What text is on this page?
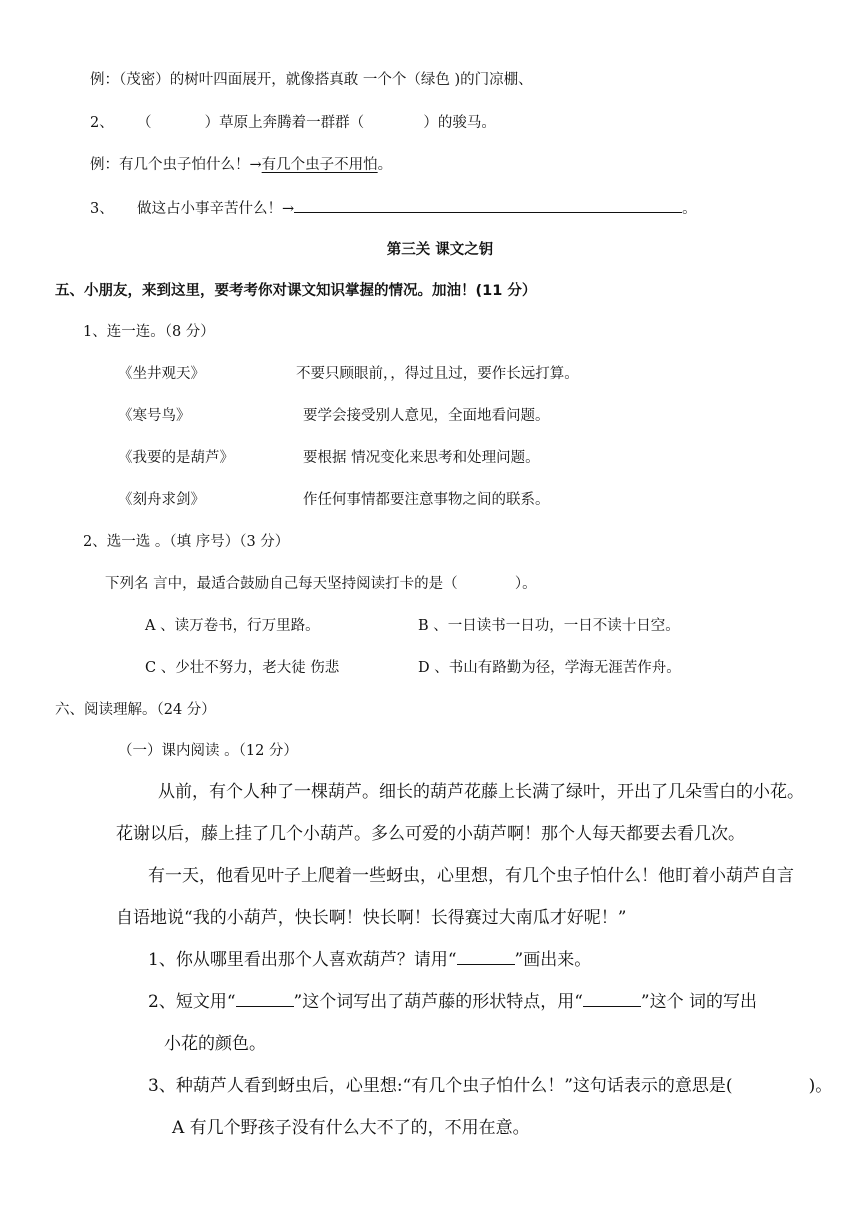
例：（茂密）的树叶四面展开，就像搭真敢 一个个（绿色 )的门凉棚、
2、 （	）草原上奔腾着一群群（	）的骏马。
例：有几个虫子怕什么！→有几个虫子不用怕。
3、 做这占小事辛苦什么！→	。
第三关 课文之钥
五、小朋友，来到这里，要考考你对课文知识掌握的情况。加油！(11 分）
1、连一连。（8 分）
《坐井观天》	不要只顾眼前，，得过且过，要作长远打算。
《寒号鸟》	要学会接受别人意见，全面地看问题。
《我要的是葫芦》	要根据 情况变化来思考和处理问题。
《刻舟求剑》	作任何事情都要注意事物之间的联系。
2、选一选 。（填 序号）（3 分）
下列名 言中，最适合鼓励自己每天坚持阅读打卡的是（	）。
A 、读万卷书，行万里路。	B 、一日读书一日功，一日不读十日空。
C 、少壮不努力，老大徒 伤悲	D 、书山有路勤为径，学海无涯苦作舟。
六、阅读理解。（24 分）
（一）课内阅读 。（12 分）
从前，有个人种了一棵葫芦。细长的葫芦花藤上长满了绿叶，开出了几朵雪白的小花。
花谢以后，藤上挂了几个小葫芦。多么可爱的小葫芦啊！那个人每天都要去看几次。
有一天，他看见叶子上爬着一些蚜虫，心里想，有几个虫子怕什么！他盯着小葫芦自言
自语地说“我的小葫芦，快长啊！快长啊！长得赛过大南瓜才好呢！”
1、你从哪里看出那个人喜欢葫芦？请用“	”画出来。
2、短文用“	”这个词写出了葫芦藤的形状特点，用“	”这个 词的写出
小花的颜色。
3、种葫芦人看到蚜虫后，心里想:“有几个虫子怕什么！”这句话表示的意思是(	)。
A 有几个野孩子没有什么大不了的，不用在意。
